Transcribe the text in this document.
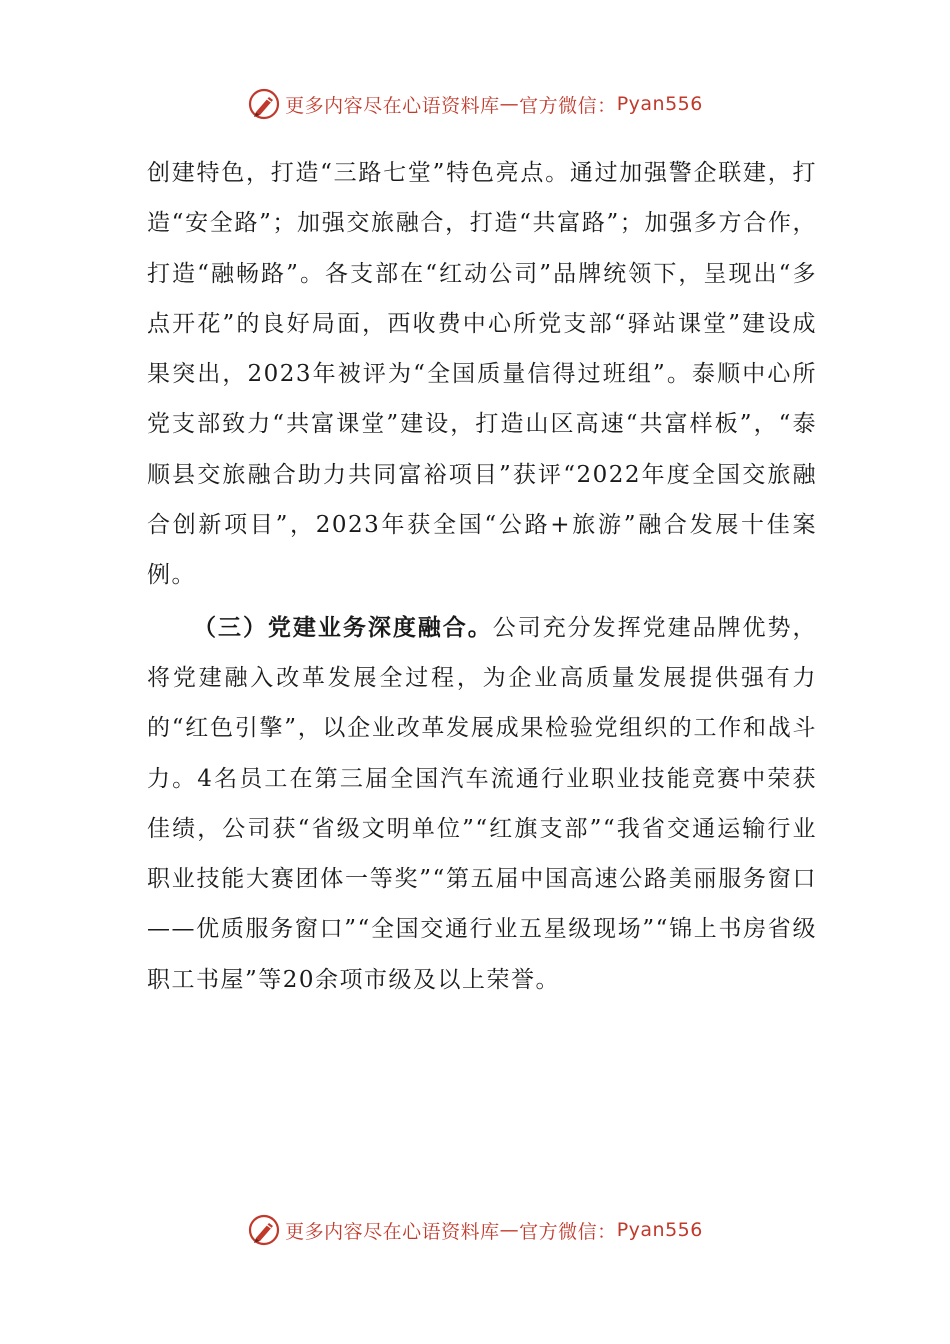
更多内容尽在心语资料库 — 官方微信： Pyan556

创建特色，打造“三路七堂”特色亮点。通过加强警企联建，打造“安全路”；加强交旅融合，打造“共富路”；加强多方合作，打造“融畅路”。各支部在“红动公司”品牌统领下，呈现出“多点开花”的良好局面，西收费中心所党支部“驿站课堂”建设成果突出，2023年被评为“全国质量信得过班组”。泰顺中心所党支部致力“共富课堂”建设，打造山区高速“共富样板”，“泰顺县交旅融合助力共同富裕项目”获评“2022年度全国交旅融合创新项目”，2023年获全国“公路+旅游”融合发展十佳案例。

（三）党建业务深度融合。公司充分发挥党建品牌优势，将党建融入改革发展全过程，为企业高质量发展提供强有力的“红色引擎”，以企业改革发展成果检验党组织的工作和战斗力。4名员工在第三届全国汽车流通行业职业技能竞赛中荣获佳绩，公司获“省级文明单位”“红旗支部”“我省交通运输行业职业技能大赛团体一等奖”“第五届中国高速公路美丽服务窗口——优质服务窗口”“全国交通行业五星级现场”“锦上书房省级职工书屋”等20余项市级及以上荣誉。

更多内容尽在心语资料库 — 官方微信： Pyan556
